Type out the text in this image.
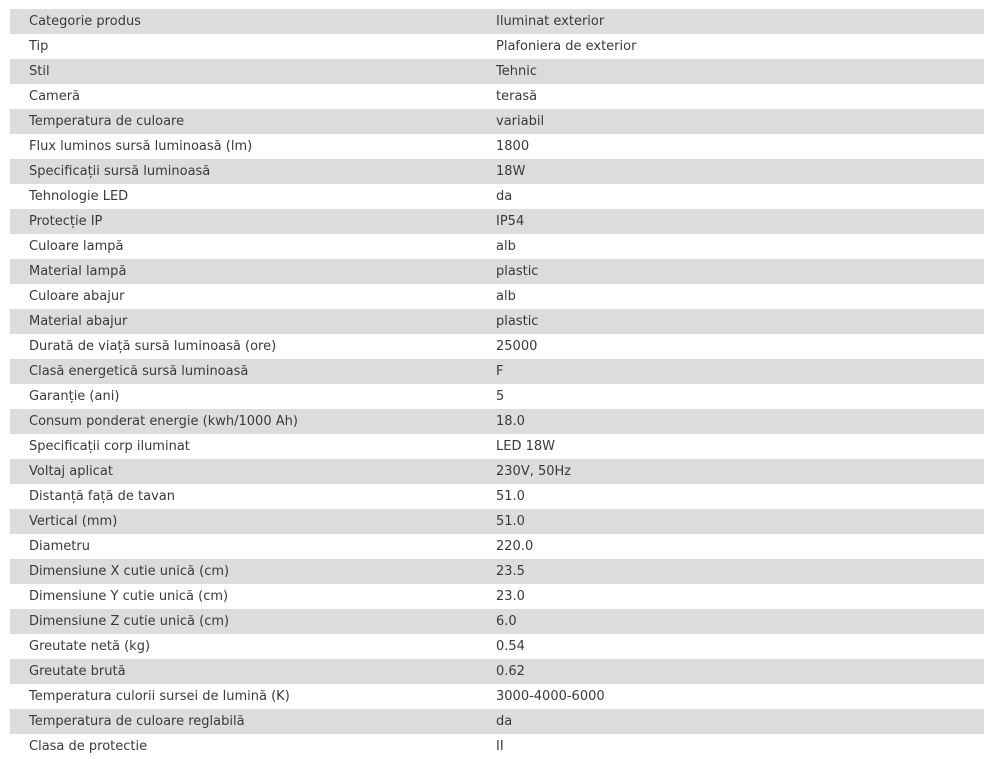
Categorie produs	Iluminat exterior
Tip	Plafoniera de exterior
Stil	Tehnic
Cameră	terasă
Temperatura de culoare	variabil
Flux luminos sursă luminoasă (lm)	1800
Specificații sursă luminoasă	18W
Tehnologie LED	da
Protecție IP	IP54
Culoare lampă	alb
Material lampă	plastic
Culoare abajur	alb
Material abajur	plastic
Durată de viață sursă luminoasă (ore)	25000
Clasă energetică sursă luminoasă	F
Garanție (ani)	5
Consum ponderat energie (kwh/1000 Ah)	18.0
Specificații corp iluminat	LED 18W
Voltaj aplicat	230V, 50Hz
Distanță față de tavan	51.0
Vertical (mm)	51.0
Diametru	220.0
Dimensiune X cutie unică (cm)	23.5
Dimensiune Y cutie unică (cm)	23.0
Dimensiune Z cutie unică (cm)	6.0
Greutate netă (kg)	0.54
Greutate brută	0.62
Temperatura culorii sursei de lumină (K)	3000-4000-6000
Temperatura de culoare reglabilă	da
Clasa de protectie	II
